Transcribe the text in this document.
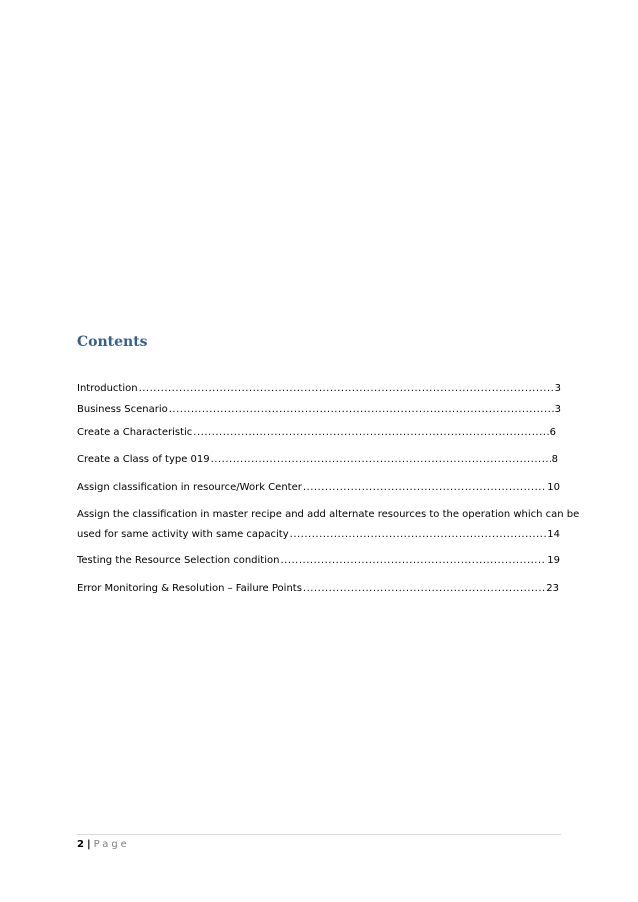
Contents
Introduction .....	3
Business Scenario .....	3
Create a Characteristic .....	6
Create a Class of type 019 .....	8
Assign classification in resource/Work Center .....	10
Assign the classification in master recipe and add alternate resources to the operation which can be
used for same activity with same capacity .....	14
Testing the Resource Selection condition .....	19
Error Monitoring & Resolution – Failure Points .....	23
2 | Page
